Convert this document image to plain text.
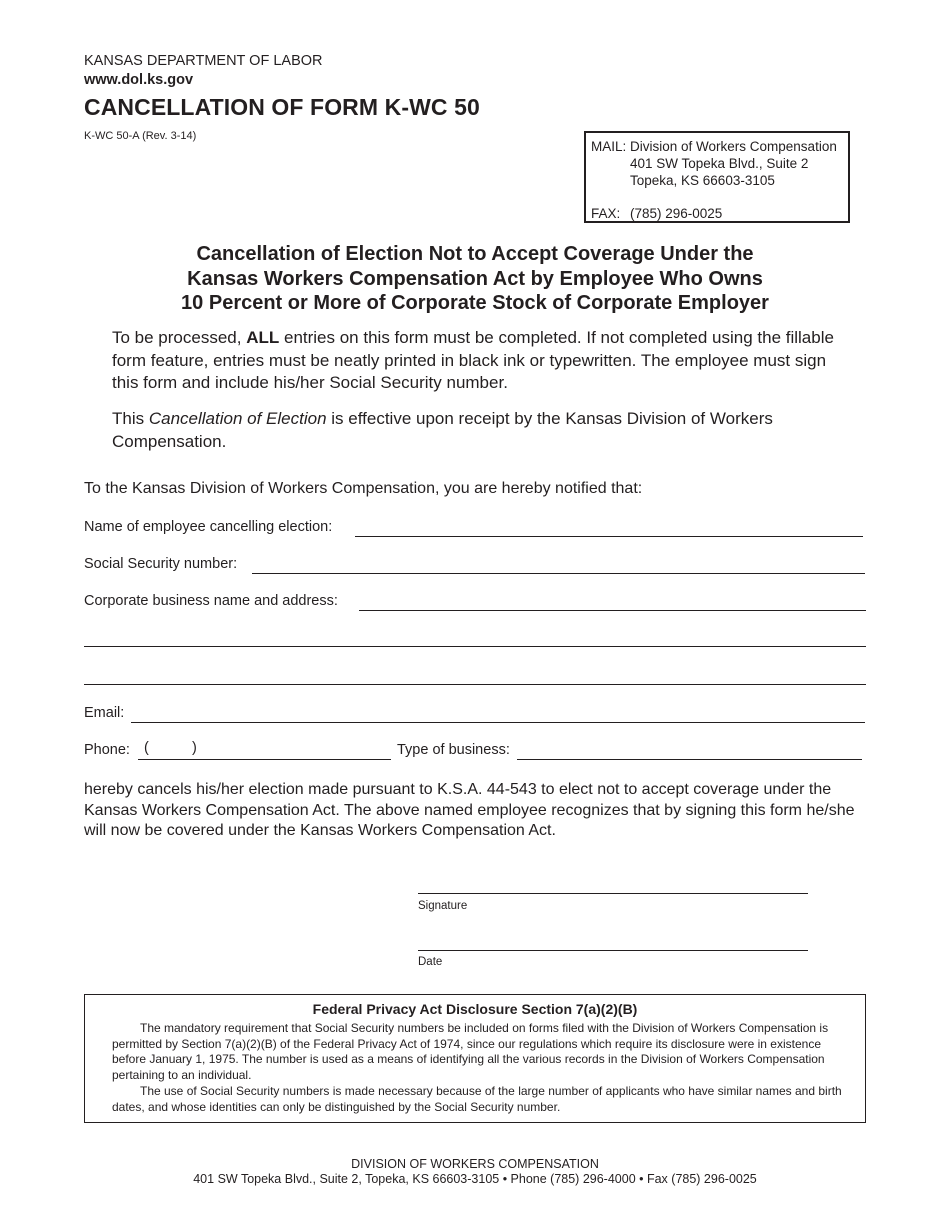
KANSAS DEPARTMENT OF LABOR
www.dol.ks.gov
CANCELLATION OF FORM K-WC 50
K-WC 50-A (Rev. 3-14)
MAIL: Division of Workers Compensation
401 SW Topeka Blvd., Suite 2
Topeka, KS 66603-3105
FAX: (785) 296-0025
Cancellation of Election Not to Accept Coverage Under the
Kansas Workers Compensation Act by Employee Who Owns
10 Percent or More of Corporate Stock of Corporate Employer
To be processed, ALL entries on this form must be completed. If not completed using the fillable form feature, entries must be neatly printed in black ink or typewritten. The employee must sign this form and include his/her Social Security number.
This Cancellation of Election is effective upon receipt by the Kansas Division of Workers Compensation.
To the Kansas Division of Workers Compensation, you are hereby notified that:
Name of employee cancelling election:
Social Security number:
Corporate business name and address:
Email:
Phone: (	)	Type of business:
hereby cancels his/her election made pursuant to K.S.A. 44-543 to elect not to accept coverage under the Kansas Workers Compensation Act. The above named employee recognizes that by signing this form he/she will now be covered under the Kansas Workers Compensation Act.
Signature
Date
Federal Privacy Act Disclosure Section 7(a)(2)(B)
The mandatory requirement that Social Security numbers be included on forms filed with the Division of Workers Compensation is permitted by Section 7(a)(2)(B) of the Federal Privacy Act of 1974, since our regulations which require its disclosure were in existence before January 1, 1975. The number is used as a means of identifying all the various records in the Division of Workers Compensation pertaining to an individual.
The use of Social Security numbers is made necessary because of the large number of applicants who have similar names and birth dates, and whose identities can only be distinguished by the Social Security number.
DIVISION OF WORKERS COMPENSATION
401 SW Topeka Blvd., Suite 2, Topeka, KS 66603-3105 • Phone (785) 296-4000 • Fax (785) 296-0025
